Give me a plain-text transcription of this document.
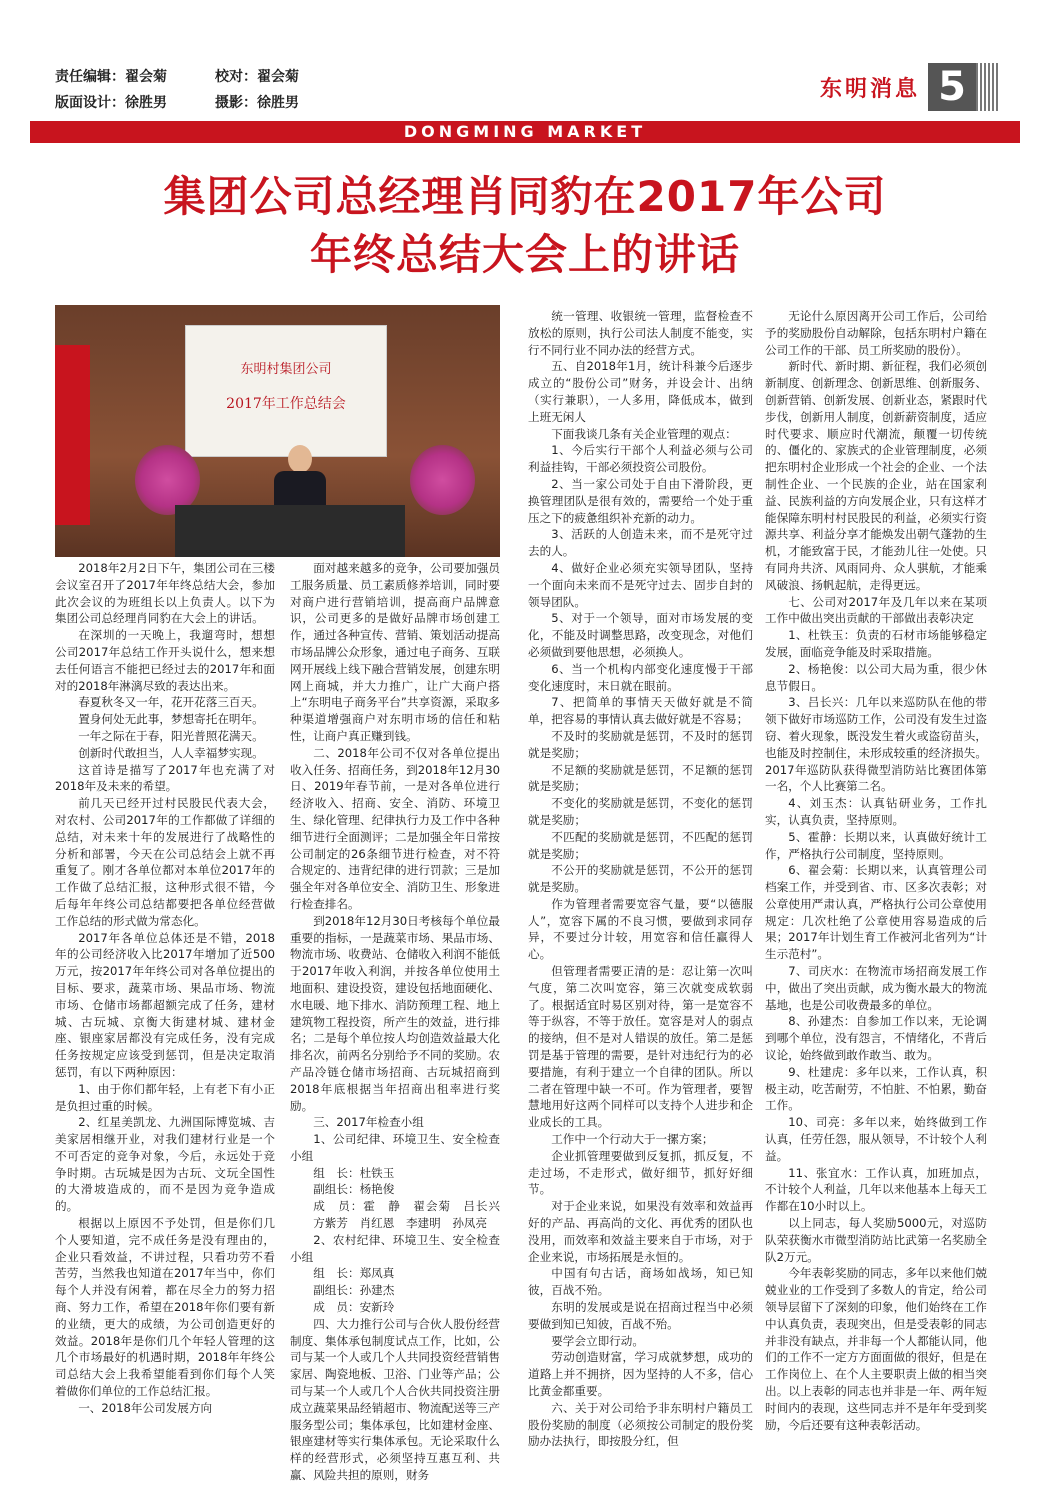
责任编辑：翟会菊	校对：翟会菊
版面设计：徐胜男	摄影：徐胜男
东明消息 5
DONGMING MARKET
集团公司总经理肖同豹在2017年公司
年终总结大会上的讲话
东明村集团公司
2017年工作总结会

2018年2月2日下午，集团公司在三楼会议室召开了2017年年终总结大会，参加此次会议的为班组长以上负责人。以下为集团公司总经理肖同豹在大会上的讲话。

在深圳的一天晚上，我遛弯时，想想公司2017年总结工作开头说什么，想来想去任何语言不能把已经过去的2017年和面对的2018年淋漓尽致的表达出来。

春夏秋冬又一年，花开花落三百天。

置身何处无此事，梦想寄托在明年。

一年之际在于春，阳光普照花满天。

创新时代敢担当，人人幸福梦实现。

这首诗是描写了2017年也充满了对2018年及未来的希望。

前几天已经开过村民股民代表大会，对农村、公司2017年的工作都做了详细的总结，对未来十年的发展进行了战略性的分析和部署，今天在公司总结会上就不再重复了。刚才各单位都对本单位2017年的工作做了总结汇报，这种形式很不错，今后每年年终公司总结都要把各单位经营做工作总结的形式做为常态化。

2017年各单位总体还是不错，2018年的公司经济收入比2017年增加了近500万元，按2017年年终公司对各单位提出的目标、要求，蔬菜市场、果品市场、物流市场、仓储市场都超额完成了任务，建材城、古玩城、京衡大街建材城、建材金座、银座家居都没有完成任务，没有完成任务按规定应该受到惩罚，但是决定取消惩罚，有以下两种原因：

1、由于你们都年轻，上有老下有小正是负担过重的时候。

2、红星美凯龙、九洲国际博览城、吉美家居相继开业，对我们建材行业是一个不可否定的竞争对象，今后，永远处于竞争时期。古玩城是因为古玩、文玩全国性的大滑坡造成的，而不是因为竞争造成的。

根据以上原因不予处罚，但是你们几个人要知道，完不成任务是没有理由的，企业只看效益，不讲过程，只看功劳不看苦劳，当然我也知道在2017年当中，你们每个人并没有闲着，都在尽全力的努力招商、努力工作，希望在2018年你们要有新的业绩，更大的成绩，为公司创造更好的效益。2018年是你们几个年轻人管理的这几个市场最好的机遇时期，2018年年终公司总结大会上我希望能看到你们每个人笑着做你们单位的工作总结汇报。

一、2018年公司发展方向

面对越来越多的竞争，公司要加强员工服务质量、员工素质修养培训，同时要对商户进行营销培训，提高商户品牌意识，公司更多的是做好品牌市场创建工作，通过各种宣传、营销、策划活动提高市场品牌公众形象，通过电子商务、互联网开展线上线下融合营销发展，创建东明网上商城，并大力推广，让广大商户搭上“东明电子商务平台”共享资源，采取多种渠道增强商户对东明市场的信任和粘性，让商户真正赚到钱。

二、2018年公司不仅对各单位提出收入任务、招商任务，到2018年12月30日、2019年春节前，一是对各单位进行经济收入、招商、安全、消防、环境卫生、绿化管理、纪律执行力及工作中各种细节进行全面测评；二是加强全年日常按公司制定的26条细节进行检查，对不符合规定的、违背纪律的进行罚款；三是加强全年对各单位安全、消防卫生、形象进行检查排名。

到2018年12月30日考核每个单位最重要的指标，一是蔬菜市场、果品市场、物流市场、收费站、仓储收入利润不能低于2017年收入利润，并按各单位使用土地面积、建设投资，建设包括地面硬化、水电暖、地下排水、消防预理工程、地上建筑物工程投资，所产生的效益，进行排名；二是每个单位按人均创造效益最大化排名次，前两名分别给予不同的奖励。农产品冷链仓储市场招商、古玩城招商到2018年底根据当年招商出租率进行奖励。

三、2017年检查小组

1、公司纪律、环境卫生、安全检查小组

组　长：杜铁玉

副组长：杨艳俊

成　员：霍　静　翟会菊　吕长兴　方紫芳　肖红恩　李建明　孙凤亮

2、农村纪律、环境卫生、安全检查小组

组　长：郑凤真

副组长：孙建杰

成　员：安新玲

四、大力推行公司与合伙人股份经营制度、集体承包制度试点工作，比如，公司与某一个人或几个人共同投资经营销售家居、陶瓷地板、卫浴、门业等产品；公司与某一个人或几个人合伙共同投资注册成立蔬菜果品经销超市、物流配送等三产服务型公司；集体承包，比如建材金座、银座建材等实行集体承包。无论采取什么样的经营形式，必须坚持互惠互利、共赢、风险共担的原则，财务

统一管理、收银统一管理，监督检查不放松的原则，执行公司法人制度不能变，实行不同行业不同办法的经营方式。

五、自2018年1月，统计科兼今后逐步成立的“股份公司”财务，并设会计、出纳（实行兼职），一人多用，降低成本，做到上班无闲人

下面我谈几条有关企业管理的观点：

1、今后实行干部个人利益必须与公司利益挂钩，干部必须投资公司股份。

2、当一家公司处于自由下滑阶段，更换管理团队是很有效的，需要给一个处于重压之下的疲惫组织补充新的动力。

3、活跃的人创造未来，而不是死守过去的人。

4、做好企业必须充实领导团队，坚持一个面向未来而不是死守过去、固步自封的领导团队。

5、对于一个领导，面对市场发展的变化，不能及时调整思路，改变现念，对他们必须做到要他思想，必须换人。

6、当一个机构内部变化速度慢于干部变化速度时，末日就在眼前。

7、把简单的事情天天做好就是不简单，把容易的事情认真去做好就是不容易；

不及时的奖励就是惩罚，不及时的惩罚就是奖励；

不足额的奖励就是惩罚，不足额的惩罚就是奖励；

不变化的奖励就是惩罚，不变化的惩罚就是奖励；

不匹配的奖励就是惩罚，不匹配的惩罚就是奖励；

不公开的奖励就是惩罚，不公开的惩罚就是奖励。

作为管理者需要宽容气量，要“以德服人”，宽容下属的不良习惯，要做到求同存异，不要过分计较，用宽容和信任赢得人心。

但管理者需要正清的是：忍让第一次叫气度，第二次叫宽容，第三次就变成软弱了。根据适宜时易区别对待，第一是宽容不等于纵容，不等于放任。宽容是对人的弱点的接纳，但不是对人错误的放任。第二是惩罚是基于管理的需要，是针对违纪行为的必要措施，有利于建立一个自律的团队。所以二者在管理中缺一不可。作为管理者，要智慧地用好这两个同样可以支持个人进步和企业成长的工具。

工作中一个行动大于一摞方案；

企业抓管理要做到反复抓，抓反复，不走过场，不走形式，做好细节，抓好好细节。

对于企业来说，如果没有效率和效益再好的产品、再高尚的文化、再优秀的团队也没用，而效率和效益主要来自于市场，对于企业来说，市场拓展是永恒的。

中国有句古话，商场如战场，知已知彼，百战不殆。

东明的发展或是说在招商过程当中必须要做到知已知彼，百战不殆。

要学会立即行动。

劳动创造财富，学习成就梦想，成功的道路上并不拥挤，因为坚持的人不多，信心比黄金都重要。

六、关于对公司给予非东明村户籍员工股份奖励的制度（必须按公司制定的股份奖励办法执行，即按股分红，但

无论什么原因离开公司工作后，公司给予的奖励股份自动解除，包括东明村户籍在公司工作的干部、员工所奖励的股份）。

新时代、新时期、新征程，我们必须创新制度、创新理念、创新思维、创新服务、创新营销、创新发展、创新业态，紧跟时代步伐，创新用人制度，创新薪资制度，适应时代要求、顺应时代潮流，颠覆一切传统的、僵化的、家族式的企业管理制度，必须把东明村企业形成一个社会的企业、一个法制性企业、一个民族的企业，站在国家利益、民族利益的方向发展企业，只有这样才能保障东明村村民股民的利益，必须实行资源共享、利益分享才能焕发出朝气蓬勃的生机，才能致富于民，才能劲儿往一处使。只有同舟共济、风雨同舟、众人骐航，才能乘风破浪、扬帆起航，走得更远。

七、公司对2017年及几年以来在某项工作中做出突出贡献的干部做出表彰决定

1、杜铁玉：负责的石材市场能够稳定发展，面临竞争能及时采取措施。

2、杨艳俊：以公司大局为重，很少休息节假日。

3、吕长兴：几年以来巡防队在他的带领下做好市场巡防工作，公司没有发生过盗窃、着火现象，既没发生着火或盗窃苗头，也能及时控制住，未形成较重的经济损失。2017年巡防队获得微型消防站比赛团体第一名，个人比赛第二名。

4、刘玉杰：认真钻研业务，工作扎实，认真负责，坚持原则。

5、霍静：长期以来，认真做好统计工作，严格执行公司制度，坚持原则。

6、翟会菊：长期以来，认真管理公司档案工作，并受到省、市、区多次表彰；对公章使用严肃认真，严格执行公司公章使用规定：几次杜绝了公章使用容易造成的后果；2017年计划生育工作被河北省列为“计生示范村”。

7、司庆水：在物流市场招商发展工作中，做出了突出贡献，成为衡水最大的物流基地，也是公司收费最多的单位。

8、孙建杰：自参加工作以来，无论调到哪个单位，没有怨言，不情绪化，不背后议论，始终做到敢作敢当、敢为。

9、杜建虎：多年以来，工作认真，积极主动，吃苦耐劳，不怕脏、不怕累，勤奋工作。

10、司亮：多年以来，始终做到工作认真，任劳任怨，服从领导，不计较个人利益。

11、张宜水：工作认真，加班加点，不计较个人利益，几年以来他基本上每天工作都在10小时以上。

以上同志，每人奖励5000元，对巡防队荣获衡水市微型消防站比武第一名奖励全队2万元。

今年表彰奖励的同志，多年以来他们兢兢业业的工作受到了多数人的肯定，给公司领导层留下了深刻的印象，他们始终在工作中认真负责，表现突出，但是受表彰的同志并非没有缺点，并非每一个人都能认同，他们的工作不一定方方面面做的很好，但是在工作岗位上、在个人主要职责上做的相当突出。以上表彰的同志也并非是一年、两年短时间内的表现，这些同志并不是年年受到奖励，今后还要有这种表彰活动。
